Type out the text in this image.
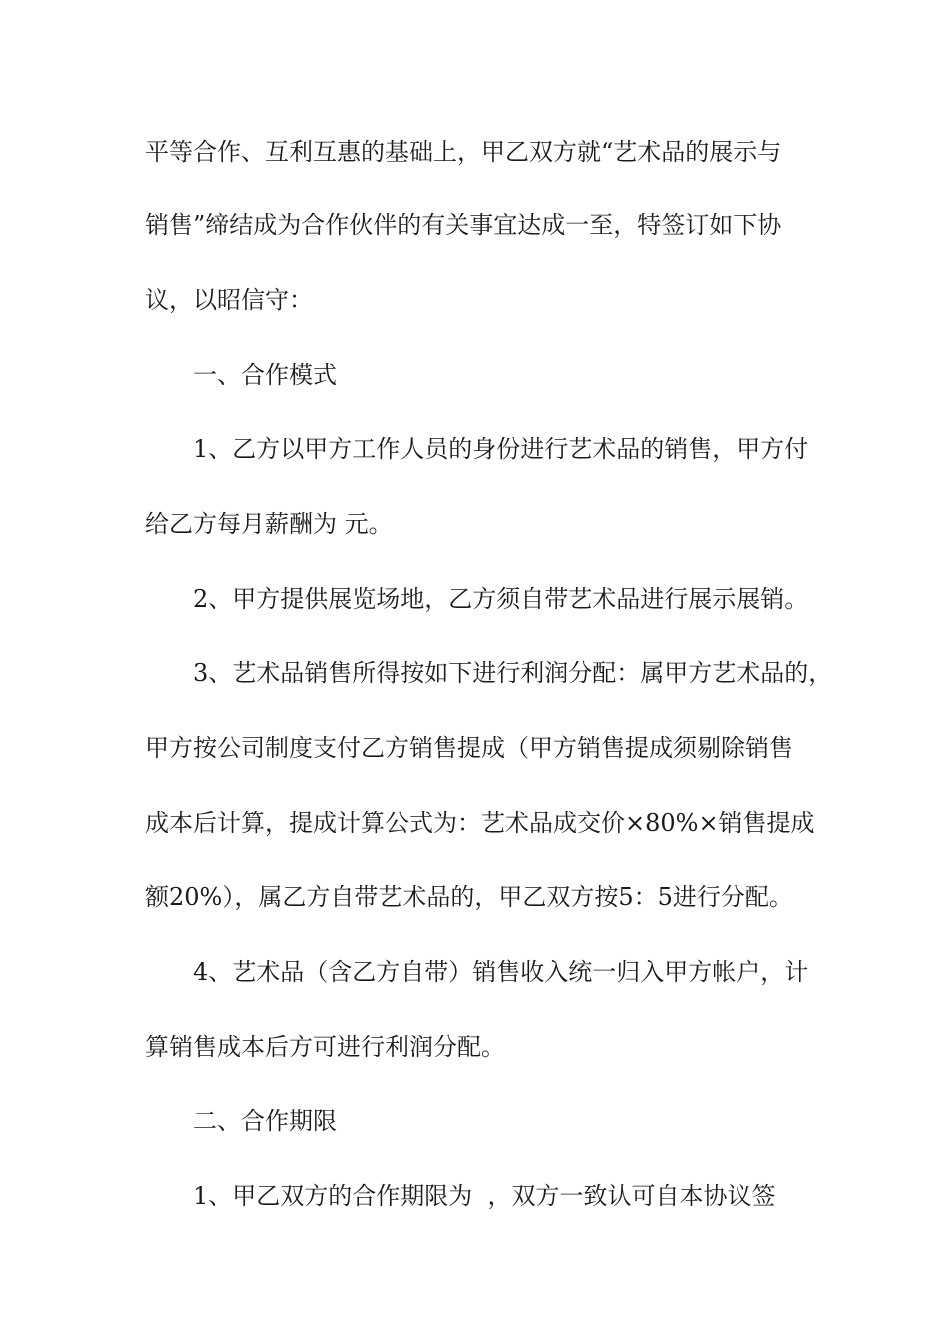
平等合作、互利互惠的基础上，甲乙双方就“艺术品的展示与
销售”缔结成为合作伙伴的有关事宜达成一至，特签订如下协
议，以昭信守：
一、合作模式
1、乙方以甲方工作人员的身份进行艺术品的销售，甲方付
给乙方每月薪酬为 元。
2、甲方提供展览场地，乙方须自带艺术品进行展示展销。
3、艺术品销售所得按如下进行利润分配：属甲方艺术品的，
甲方按公司制度支付乙方销售提成（甲方销售提成须剔除销售
成本后计算，提成计算公式为：艺术品成交价×80%×销售提成
额20%），属乙方自带艺术品的，甲乙双方按5：5进行分配。
4、艺术品（含乙方自带）销售收入统一归入甲方帐户，计
算销售成本后方可进行利润分配。
二、合作期限
1、甲乙双方的合作期限为  ，双方一致认可自本协议签
